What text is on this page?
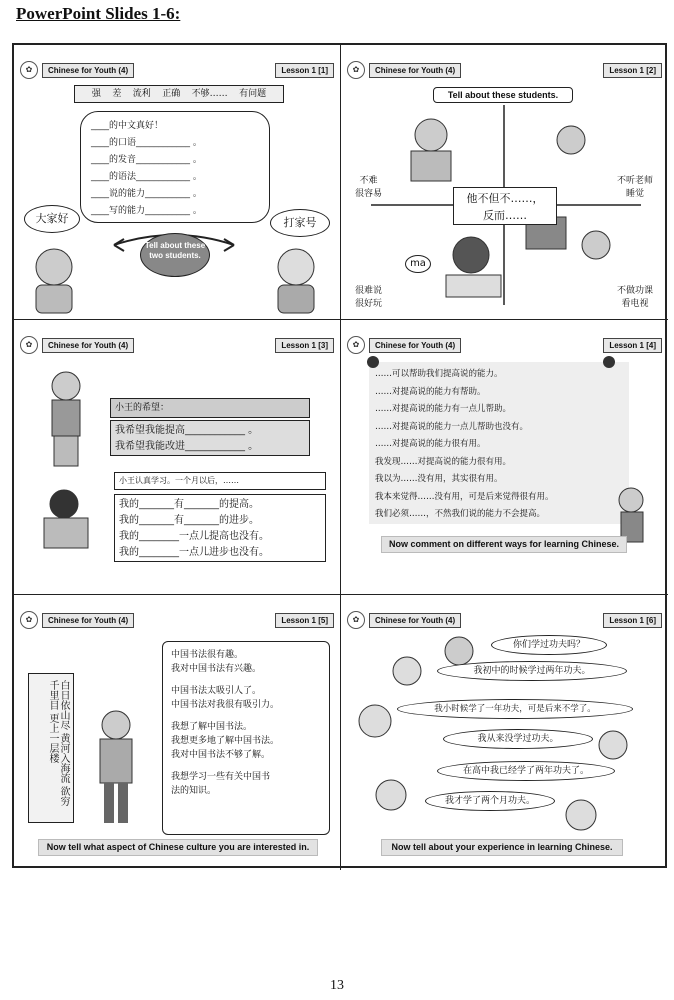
PowerPoint Slides 1-6:
✿	Chinese for Youth (4)	Lesson 1 [1]
强    差    流利    正确    不够……    有问题
____的中文真好！
____的口语____________ 。
____的发音____________ 。
____的语法____________ 。
____说的能力__________ 。
____写的能力__________ 。
大家好	打家号
Tell about these two students.
✿	Chinese for Youth (4)	Lesson 1 [2]
Tell about these students.
不难
很容易
不听老师
睡觉
很难说
很好玩
不做功课
看电视
他不但不……，
反而……
ma
✿	Chinese for Youth (4)	Lesson 1 [3]
小王的希望：
我希望我能提高____________ 。
我希望我能改进____________ 。
小王认真学习。一个月以后，……
我的_______有_______的提高。
我的_______有_______的进步。
我的________一点儿提高也没有。
我的________一点儿进步也没有。
✿	Chinese for Youth (4)	Lesson 1 [4]
……可以帮助我们提高说的能力。
……对提高说的能力有帮助。
……对提高说的能力有一点儿帮助。
……对提高说的能力一点儿帮助也没有。
……对提高说的能力很有用。
我发现……对提高说的能力很有用。
我以为……没有用，其实很有用。
我本来觉得……没有用，可是后来觉得很有用。
我们必须……，不然我们说的能力不会提高。
Now comment on different ways for learning Chinese.
✿	Chinese for Youth (4)	Lesson 1 [5]
白日依山尽 黄河入海流 欲穷千里目 更上一层楼
中国书法很有趣。
我对中国书法有兴趣。
中国书法太吸引人了。
中国书法对我很有吸引力。
我想了解中国书法。
我想更多地了解中国书法。
我对中国书法不够了解。
我想学习一些有关中国书
法的知识。
Now tell what aspect of Chinese culture you are interested in.
✿	Chinese for Youth (4)	Lesson 1 [6]
你们学过功夫吗？
我初中的时候学过两年功夫。
我小时候学了一年功夫，可是后来不学了。
我从来没学过功夫。
在高中我已经学了两年功夫了。
我才学了两个月功夫。
Now tell about your experience in learning Chinese.
13
